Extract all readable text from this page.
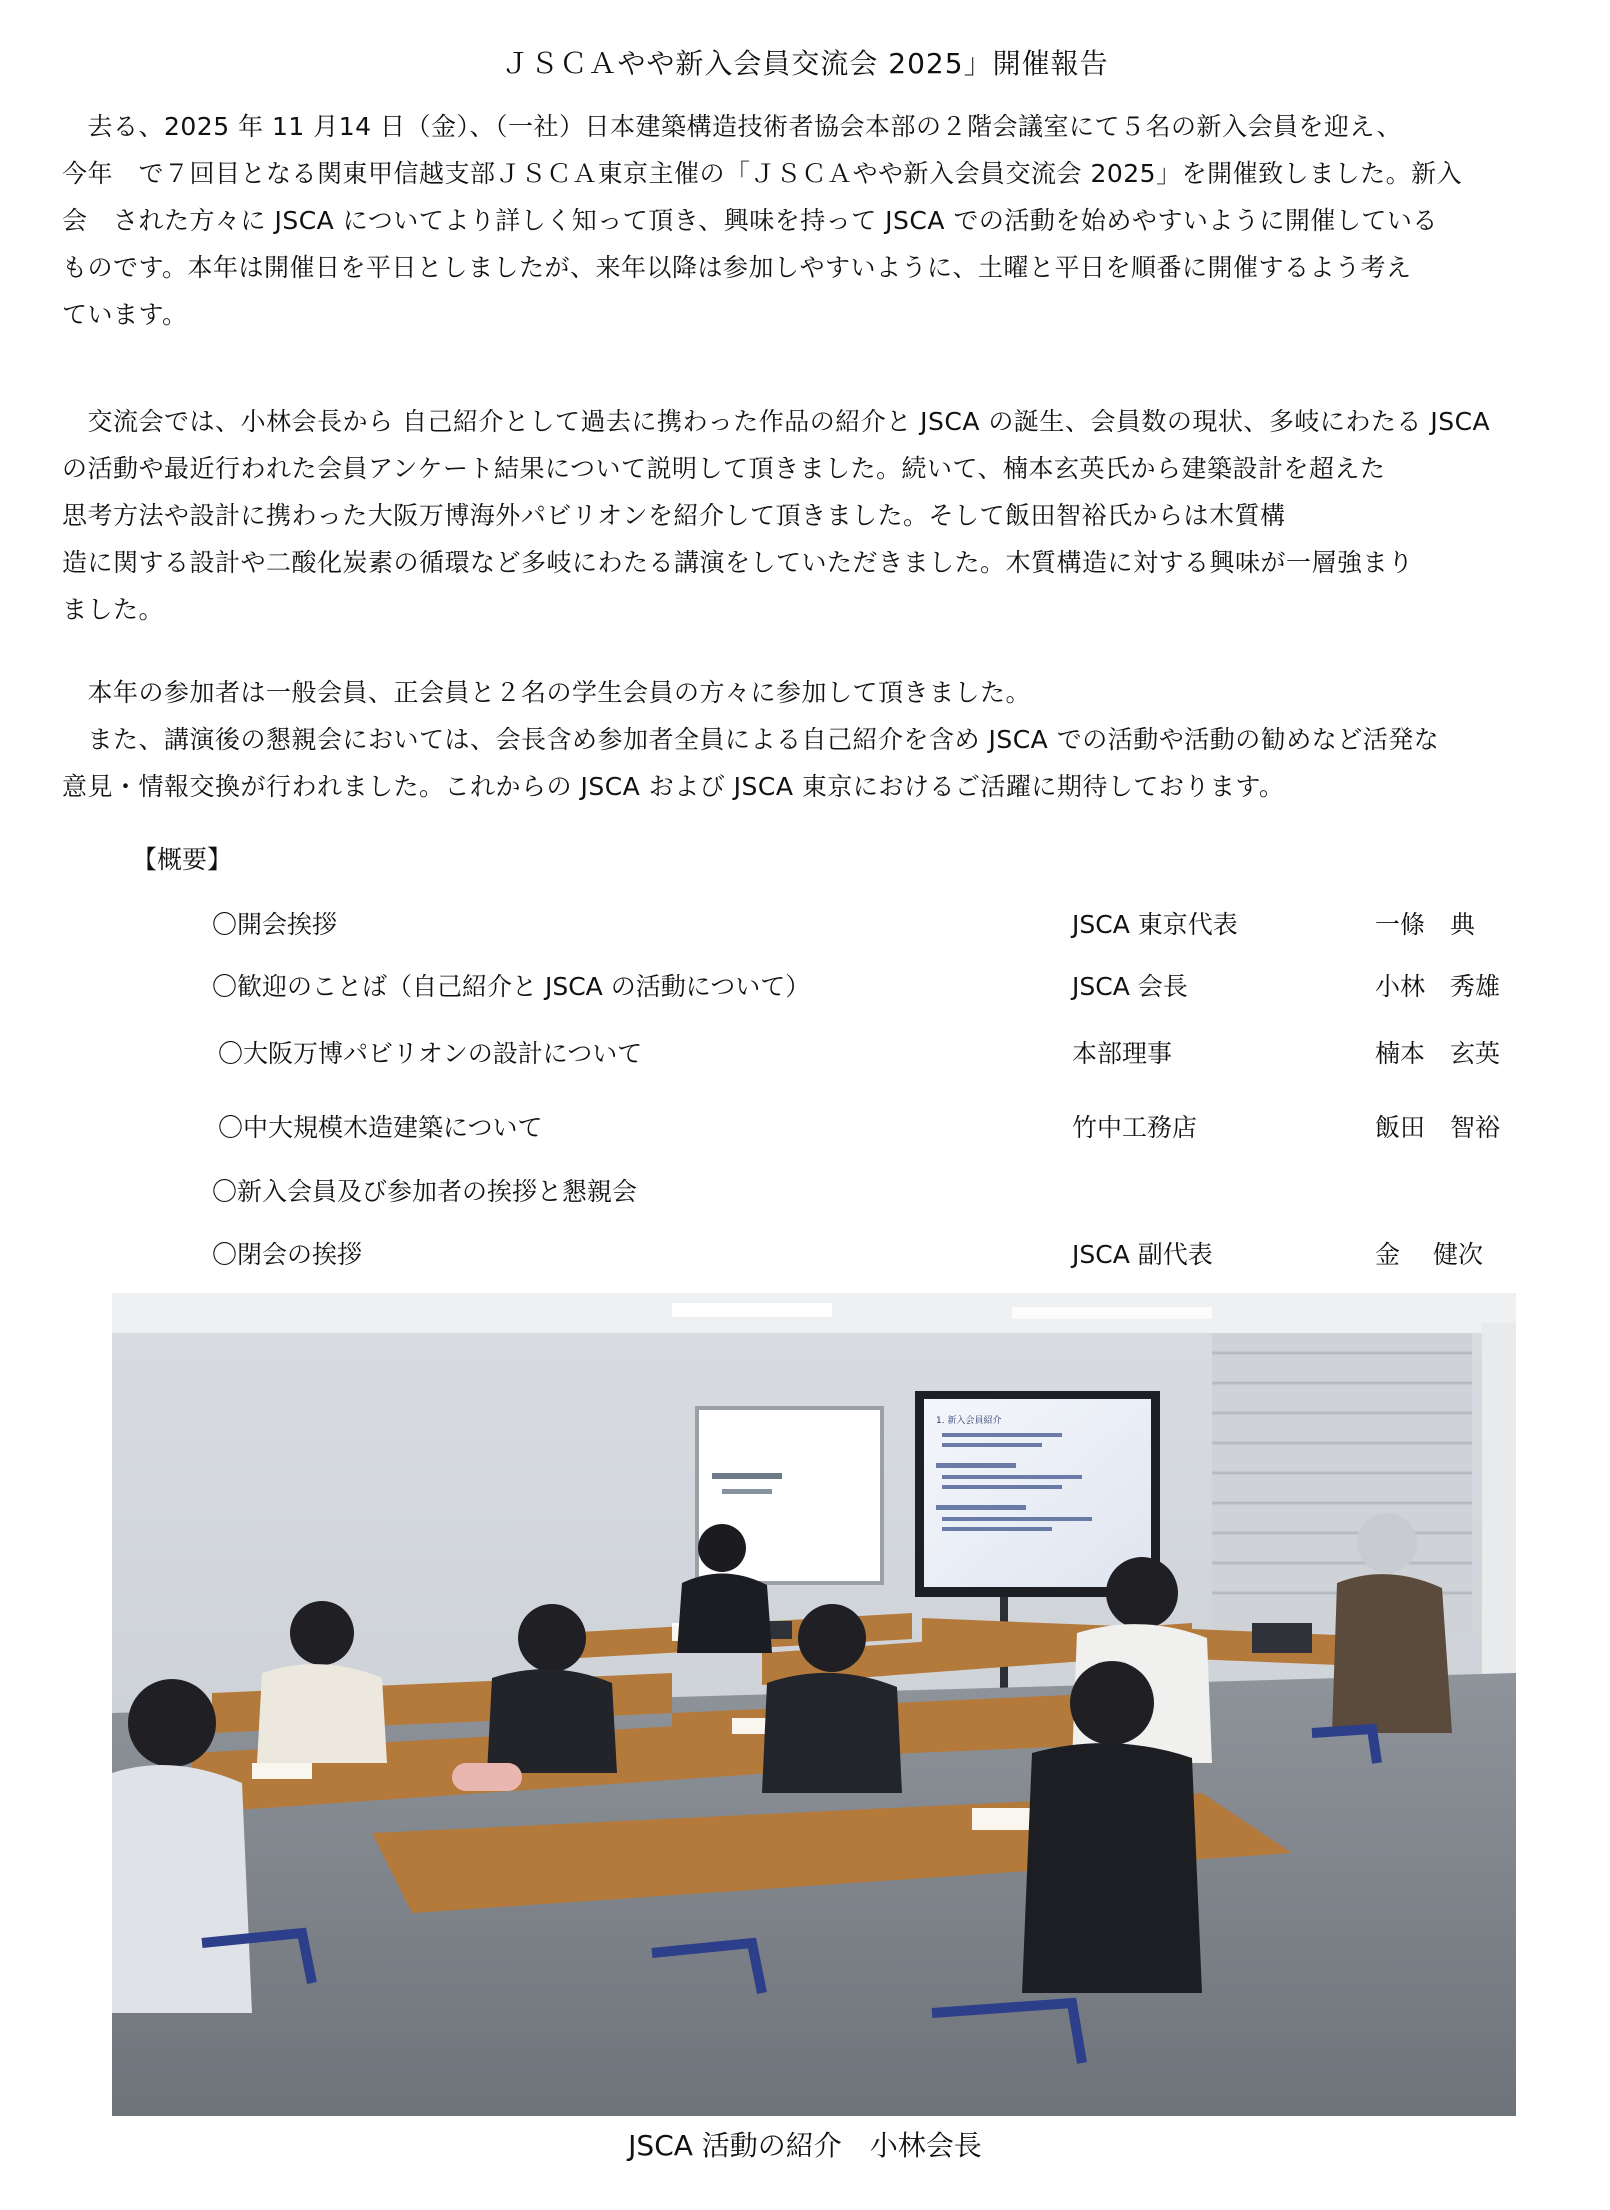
ＪＳＣＡやや新入会員交流会 2025」開催報告

　去る、2025 年 11 月14 日（金）、（一社）日本建築構造技術者協会本部の２階会議室にて５名の新入会員を迎え、
今年　で７回目となる関東甲信越支部ＪＳＣＡ東京主催の「ＪＳＣＡやや新入会員交流会 2025」を開催致しました。新入
会　された方々に JSCA についてより詳しく知って頂き、興味を持って JSCA での活動を始めやすいように開催している
ものです。本年は開催日を平日としましたが、来年以降は参加しやすいように、土曜と平日を順番に開催するよう考え
ています。

　交流会では、小林会長から 自己紹介として過去に携わった作品の紹介と JSCA の誕生、会員数の現状、多岐にわたる JSCA
の活動や最近行われた会員アンケート結果について説明して頂きました。続いて、楠本玄英氏から建築設計を超えた
思考方法や設計に携わった大阪万博海外パビリオンを紹介して頂きました。そして飯田智裕氏からは木質構
造に関する設計や二酸化炭素の循環など多岐にわたる講演をしていただきました。木質構造に対する興味が一層強まり
ました。

　本年の参加者は一般会員、正会員と２名の学生会員の方々に参加して頂きました。
　また、講演後の懇親会においては、会長含め参加者全員による自己紹介を含め JSCA での活動や活動の勧めなど活発な
意見・情報交換が行われました。これからの JSCA および JSCA 東京におけるご活躍に期待しております。

【概要】
〇開会挨拶	JSCA 東京代表	一條　典
〇歓迎のことば（自己紹介と JSCA の活動について）	JSCA 会長	小林　秀雄
〇大阪万博パビリオンの設計について	本部理事	楠本　玄英
〇中大規模木造建築について	竹中工務店	飯田　智裕
〇新入会員及び参加者の挨拶と懇親会
〇閉会の挨拶	JSCA 副代表	金　 健次
1. 新入会員紹介
JSCA 活動の紹介　小林会長
